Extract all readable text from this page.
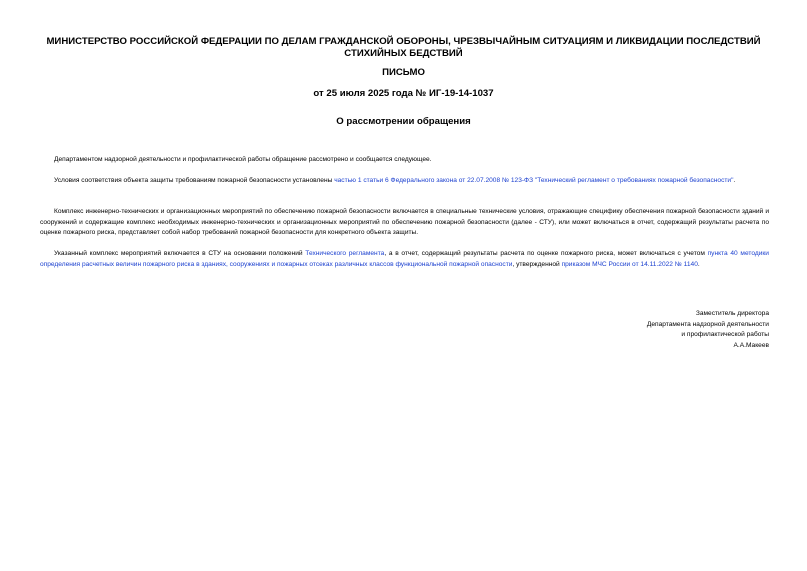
МИНИСТЕРСТВО РОССИЙСКОЙ ФЕДЕРАЦИИ ПО ДЕЛАМ ГРАЖДАНСКОЙ ОБОРОНЫ, ЧРЕЗВЫЧАЙНЫМ СИТУАЦИЯМ И ЛИКВИДАЦИИ ПОСЛЕДСТВИЙ СТИХИЙНЫХ БЕДСТВИЙ
ПИСЬМО
от 25 июля 2025 года № ИГ-19-14-1037
О рассмотрении обращения
Департаментом надзорной деятельности и профилактической работы обращение рассмотрено и сообщается следующее.
Условия соответствия объекта защиты требованиям пожарной безопасности установлены частью 1 статьи 6 Федерального закона от 22.07.2008 № 123-ФЗ "Технический регламент о требованиях пожарной безопасности".
Комплекс инженерно-технических и организационных мероприятий по обеспечению пожарной безопасности включается в специальные технические условия, отражающие специфику обеспечения пожарной безопасности зданий и сооружений и содержащие комплекс необходимых инженерно-технических и организационных мероприятий по обеспечению пожарной безопасности (далее - СТУ), или может включаться в отчет, содержащий результаты расчета по оценке пожарного риска, представляет собой набор требований пожарной безопасности для конкретного объекта защиты.
Указанный комплекс мероприятий включается в СТУ на основании положений Технического регламента, а в отчет, содержащий результаты расчета по оценке пожарного риска, может включаться с учетом пункта 40 методики определения расчетных величин пожарного риска в зданиях, сооружениях и пожарных отсеках различных классов функциональной пожарной опасности, утвержденной приказом МЧС России от 14.11.2022 № 1140.
Заместитель директора
Департамента надзорной деятельности
и профилактической работы
А.А.Макеев
